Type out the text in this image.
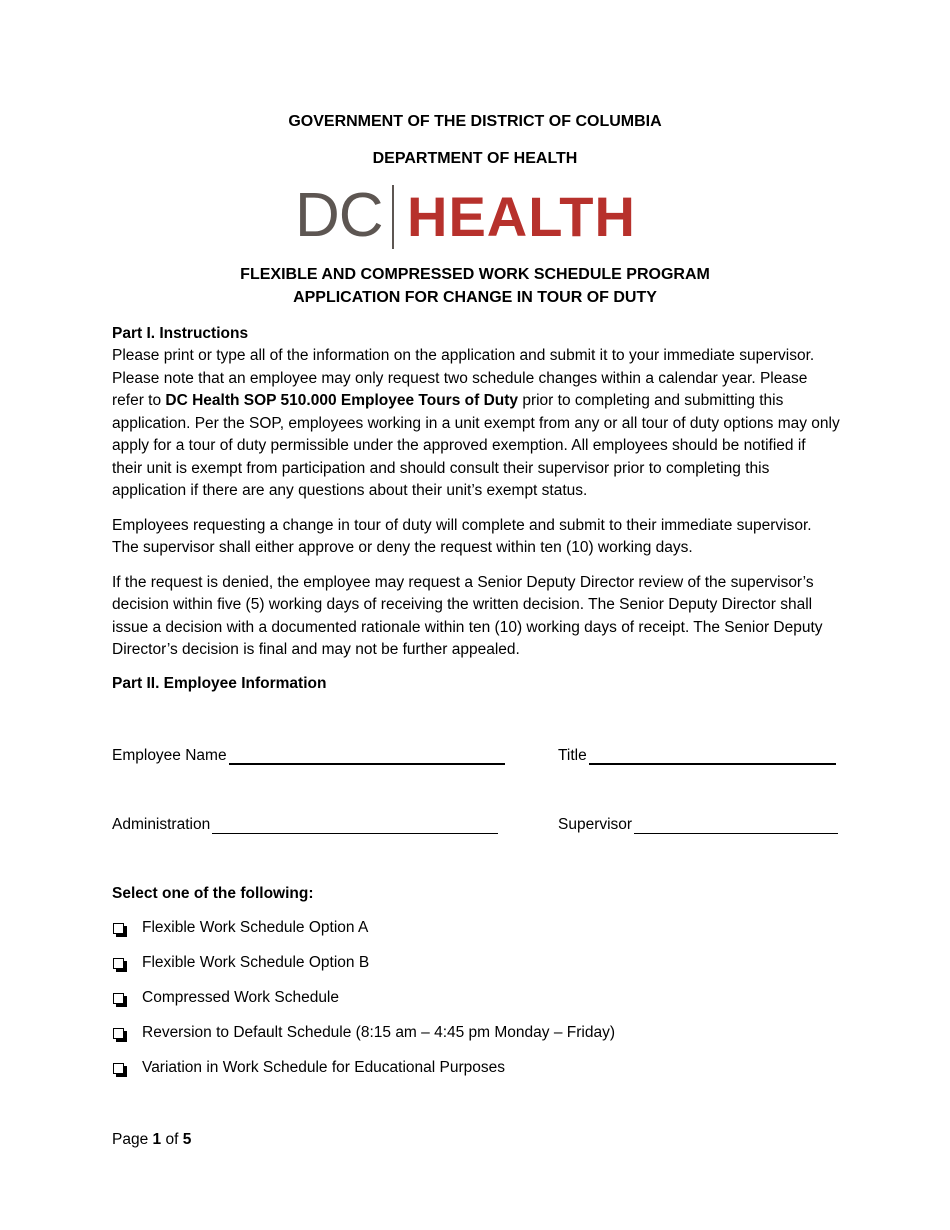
GOVERNMENT OF THE DISTRICT OF COLUMBIA
DEPARTMENT OF HEALTH
DC HEALTH
FLEXIBLE AND COMPRESSED WORK SCHEDULE PROGRAM
APPLICATION FOR CHANGE IN TOUR OF DUTY
Part I. Instructions

Please print or type all of the information on the application and submit it to your immediate supervisor. Please note that an employee may only request two schedule changes within a calendar year. Please refer to DC Health SOP 510.000 Employee Tours of Duty prior to completing and submitting this application. Per the SOP, employees working in a unit exempt from any or all tour of duty options may only apply for a tour of duty permissible under the approved exemption. All employees should be notified if their unit is exempt from participation and should consult their supervisor prior to completing this application if there are any questions about their unit’s exempt status.

Employees requesting a change in tour of duty will complete and submit to their immediate supervisor. The supervisor shall either approve or deny the request within ten (10) working days.

If the request is denied, the employee may request a Senior Deputy Director review of the supervisor’s decision within five (5) working days of receiving the written decision. The Senior Deputy Director shall issue a decision with a documented rationale within ten (10) working days of receipt. The Senior Deputy Director’s decision is final and may not be further appealed.

Part II. Employee Information
Employee Name	Title
Administration	Supervisor
Select one of the following:
Flexible Work Schedule Option A
Flexible Work Schedule Option B
Compressed Work Schedule
Reversion to Default Schedule (8:15 am – 4:45 pm Monday – Friday)
Variation in Work Schedule for Educational Purposes
Page 1 of 5
